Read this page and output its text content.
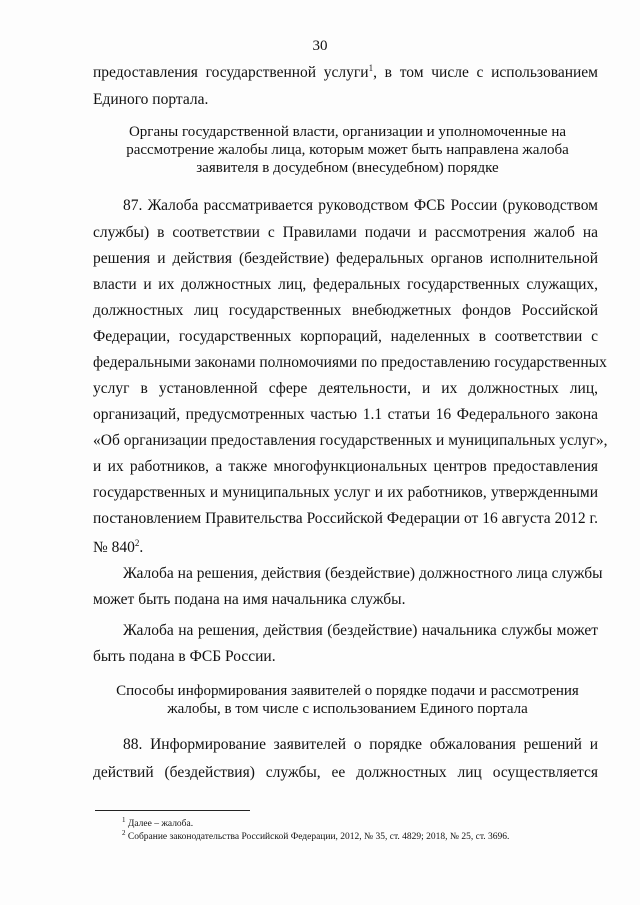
30
предоставления государственной услуги$^1$, в том числе с использованием
Единого портала.
Органы государственной власти, организации и уполномоченные на
рассмотрение жалобы лица, которым может быть направлена жалоба
заявителя в досудебном (внесудебном) порядке
87. Жалоба рассматривается руководством ФСБ России (руководством
службы) в соответствии с Правилами подачи и рассмотрения жалоб на
решения и действия (бездействие) федеральных органов исполнительной
власти и их должностных лиц, федеральных государственных служащих,
должностных лиц государственных внебюджетных фондов Российской
Федерации, государственных корпораций, наделенных в соответствии с
федеральными законами полномочиями по предоставлению государственных
услуг в установленной сфере деятельности, и их должностных лиц,
организаций, предусмотренных частью 1.1 статьи 16 Федерального закона
«Об организации предоставления государственных и муниципальных услуг»,
и их работников, а также многофункциональных центров предоставления
государственных и муниципальных услуг и их работников, утвержденными
постановлением Правительства Российской Федерации от 16 августа 2012 г.
№ $840^2$.
Жалоба на решения, действия (бездействие) должностного лица службы
может быть подана на имя начальника службы.
Жалоба на решения, действия (бездействие) начальника службы может
быть подана в ФСБ России.
Способы информирования заявителей о порядке подачи и рассмотрения
жалобы, в том числе с использованием Единого портала
88. Информирование заявителей о порядке обжалования решений и
действий (бездействия) службы, ее должностных лиц осуществляется
$^1$ Далее – жалоба.
$^2$ Собрание законодательства Российской Федерации, 2012, № 35, ст. 4829; 2018, № 25, ст. 3696.
